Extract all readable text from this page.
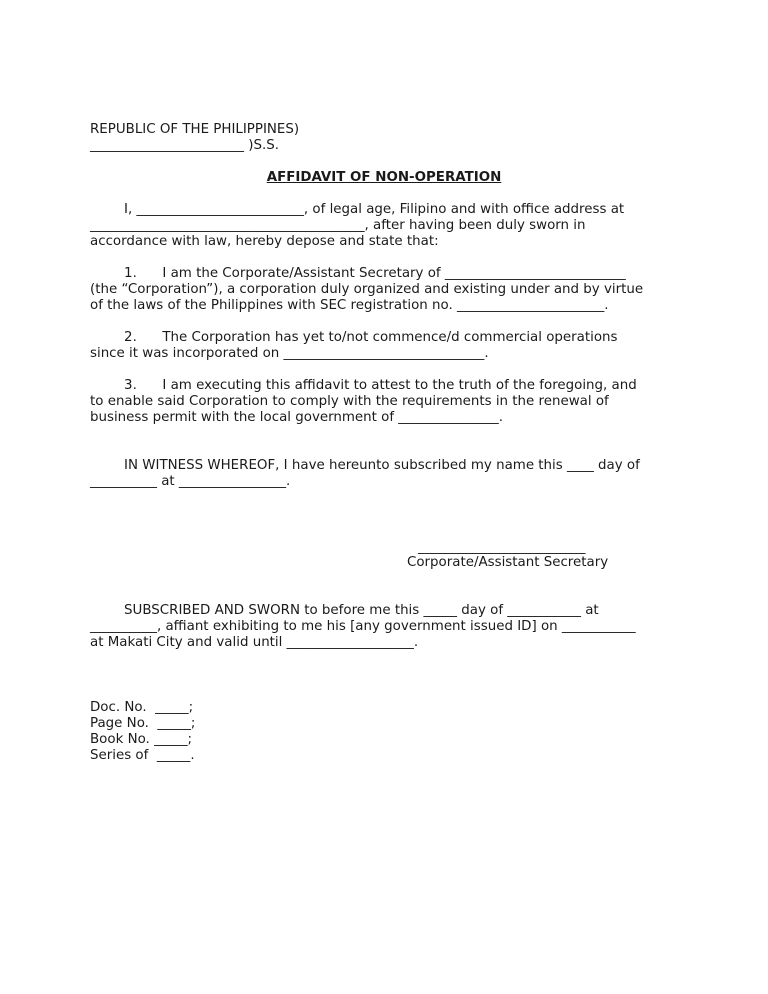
REPUBLIC OF THE PHILIPPINES)

_______________________ )S.S.

AFFIDAVIT OF NON-OPERATION

I, _________________________, of legal age, Filipino and with office address at

_________________________________________, after having been duly sworn in

accordance with law, hereby depose and state that:

1.      I am the Corporate/Assistant Secretary of ___________________________

(the “Corporation”), a corporation duly organized and existing under and by virtue

of the laws of the Philippines with SEC registration no. ______________________.

2.      The Corporation has yet to/not commence/d commercial operations

since it was incorporated on ______________________________.

3.      I am executing this affidavit to attest to the truth of the foregoing, and

to enable said Corporation to comply with the requirements in the renewal of

business permit with the local government of _______________.

IN WITNESS WHEREOF, I have hereunto subscribed my name this ____ day of

__________ at ________________.

_________________________

Corporate/Assistant Secretary

SUBSCRIBED AND SWORN to before me this _____ day of ___________ at

__________, affiant exhibiting to me his [any government issued ID] on ___________

at Makati City and valid until ___________________.

Doc. No.  _____;

Page No.  _____;

Book No. _____;

Series of  _____.
